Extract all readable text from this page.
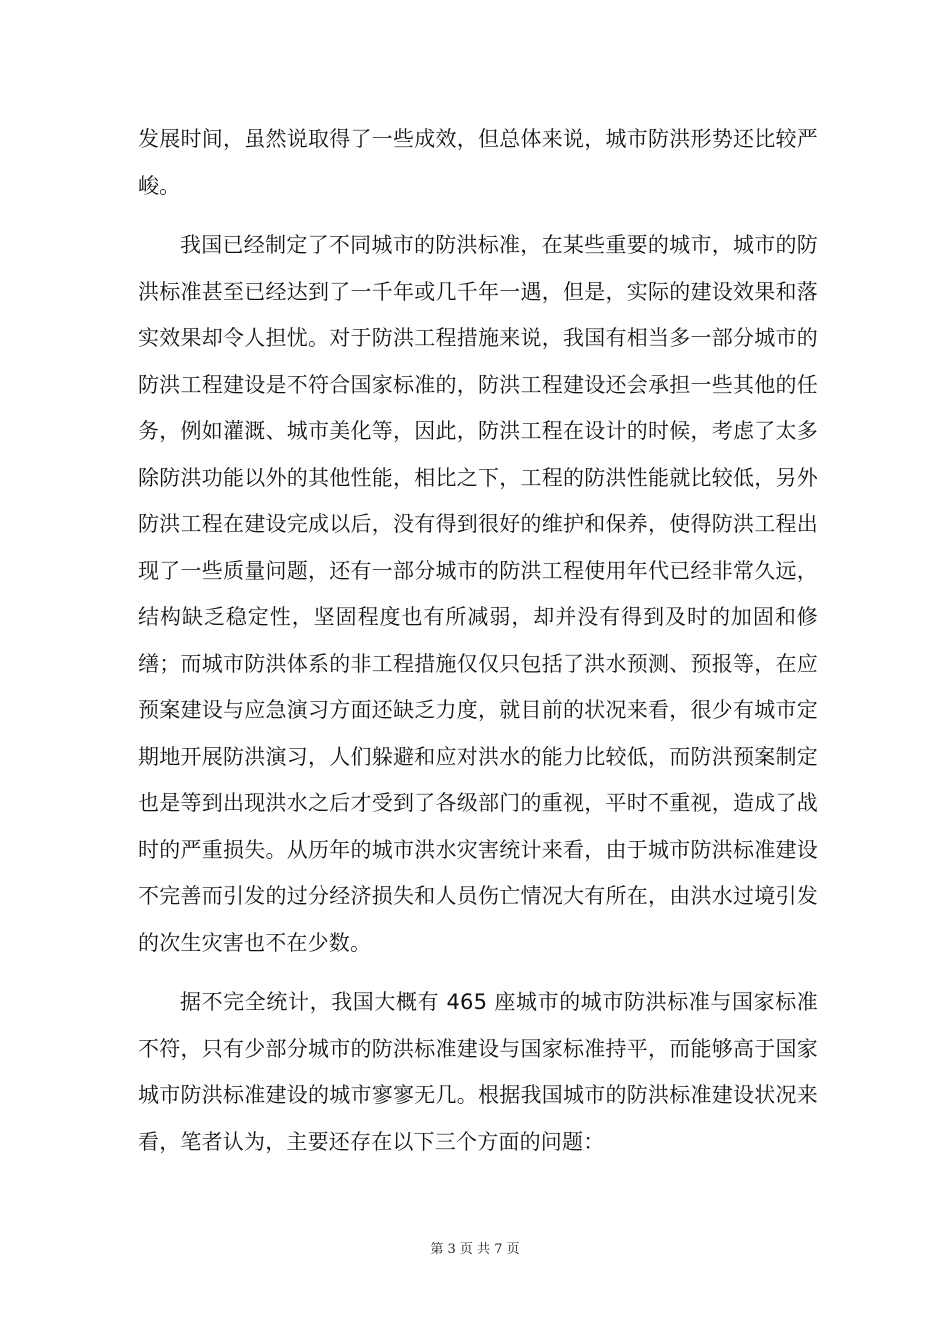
发展时间，虽然说取得了一些成效，但总体来说，城市防洪形势还比较严峻。

我国已经制定了不同城市的防洪标准，在某些重要的城市，城市的防洪标准甚至已经达到了一千年或几千年一遇，但是，实际的建设效果和落实效果却令人担忧。对于防洪工程措施来说，我国有相当多一部分城市的防洪工程建设是不符合国家标准的，防洪工程建设还会承担一些其他的任务，例如灌溉、城市美化等，因此，防洪工程在设计的时候，考虑了太多除防洪功能以外的其他性能，相比之下，工程的防洪性能就比较低，另外防洪工程在建设完成以后，没有得到很好的维护和保养，使得防洪工程出现了一些质量问题，还有一部分城市的防洪工程使用年代已经非常久远，结构缺乏稳定性，坚固程度也有所减弱，却并没有得到及时的加固和修缮；而城市防洪体系的非工程措施仅仅只包括了洪水预测、预报等，在应预案建设与应急演习方面还缺乏力度，就目前的状况来看，很少有城市定期地开展防洪演习，人们躲避和应对洪水的能力比较低，而防洪预案制定也是等到出现洪水之后才受到了各级部门的重视，平时不重视，造成了战时的严重损失。从历年的城市洪水灾害统计来看，由于城市防洪标准建设不完善而引发的过分经济损失和人员伤亡情况大有所在，由洪水过境引发的次生灾害也不在少数。

据不完全统计，我国大概有 465 座城市的城市防洪标准与国家标准不符，只有少部分城市的防洪标准建设与国家标准持平，而能够高于国家城市防洪标准建设的城市寥寥无几。根据我国城市的防洪标准建设状况来看，笔者认为，主要还存在以下三个方面的问题：

第 3 页 共 7 页
